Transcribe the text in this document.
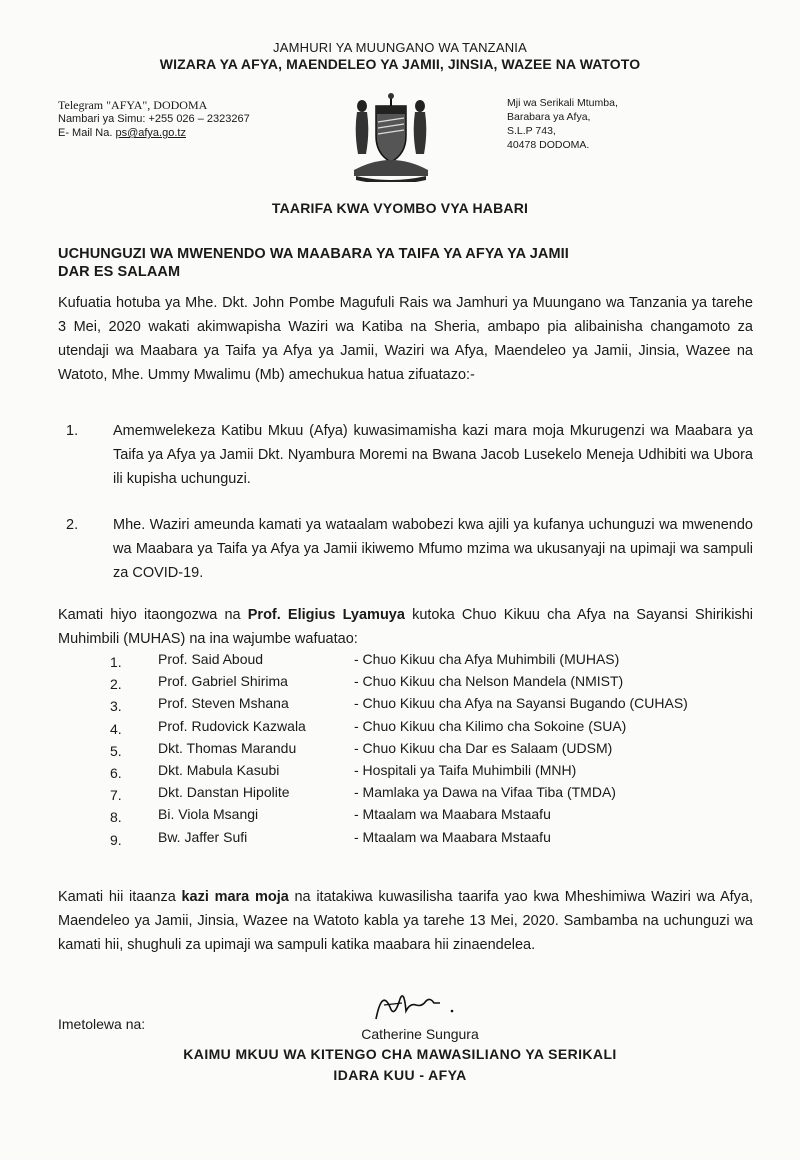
JAMHURI YA MUUNGANO WA TANZANIA
WIZARA YA AFYA, MAENDELEO YA JAMII, JINSIA, WAZEE NA WATOTO
Telegram "AFYA", DODOMA
Nambari ya Simu: +255 026 – 2323267
E- Mail Na. ps@afya.go.tz
Mji wa Serikali Mtumba,
Barabara ya Afya,
S.L.P 743,
40478 DODOMA.
TAARIFA KWA VYOMBO VYA HABARI
UCHUNGUZI WA MWENENDO WA MAABARA YA TAIFA YA AFYA YA JAMII
DAR ES SALAAM
Kufuatia hotuba ya Mhe. Dkt. John Pombe Magufuli Rais wa Jamhuri ya Muungano wa Tanzania ya tarehe 3 Mei, 2020 wakati akimwapisha Waziri wa Katiba na Sheria, ambapo pia alibainisha changamoto za utendaji wa Maabara ya Taifa ya Afya ya Jamii, Waziri wa Afya, Maendeleo ya Jamii, Jinsia, Wazee na Watoto, Mhe. Ummy Mwalimu (Mb) amechukua hatua zifuatazo:-
1. Amemwelekeza Katibu Mkuu (Afya) kuwasimamisha kazi mara moja Mkurugenzi wa Maabara ya Taifa ya Afya ya Jamii Dkt. Nyambura Moremi na Bwana Jacob Lusekelo Meneja Udhibiti wa Ubora ili kupisha uchunguzi.
2. Mhe. Waziri ameunda kamati ya wataalam wabobezi kwa ajili ya kufanya uchunguzi wa mwenendo wa Maabara ya Taifa ya Afya ya Jamii ikiwemo Mfumo mzima wa ukusanyaji na upimaji wa sampuli za COVID-19.
Kamati hiyo itaongozwa na Prof. Eligius Lyamuya kutoka Chuo Kikuu cha Afya na Sayansi Shirikishi Muhimbili (MUHAS) na ina wajumbe wafuatao:
1.	Prof. Said Aboud	- Chuo Kikuu cha Afya Muhimbili (MUHAS)
2.	Prof. Gabriel Shirima	- Chuo Kikuu cha Nelson Mandela (NMIST)
3.	Prof. Steven Mshana	- Chuo Kikuu cha Afya na Sayansi Bugando (CUHAS)
4.	Prof. Rudovick Kazwala	- Chuo Kikuu cha Kilimo cha Sokoine (SUA)
5.	Dkt. Thomas Marandu	- Chuo Kikuu cha Dar es Salaam (UDSM)
6.	Dkt. Mabula Kasubi	- Hospitali ya Taifa Muhimbili (MNH)
7.	Dkt. Danstan Hipolite	- Mamlaka ya Dawa na Vifaa Tiba (TMDA)
8.	Bi. Viola Msangi	- Mtaalam wa Maabara Mstaafu
9.	Bw. Jaffer Sufi	- Mtaalam wa Maabara Mstaafu
Kamati hii itaanza kazi mara moja na itatakiwa kuwasilisha taarifa yao kwa Mheshimiwa Waziri wa Afya, Maendeleo ya Jamii, Jinsia, Wazee na Watoto kabla ya tarehe 13 Mei, 2020. Sambamba na uchunguzi wa kamati hii, shughuli za upimaji wa sampuli katika maabara hii zinaendelea.
Imetolewa na:
Catherine Sungura
KAIMU MKUU WA KITENGO CHA MAWASILIANO YA SERIKALI
IDARA KUU - AFYA
